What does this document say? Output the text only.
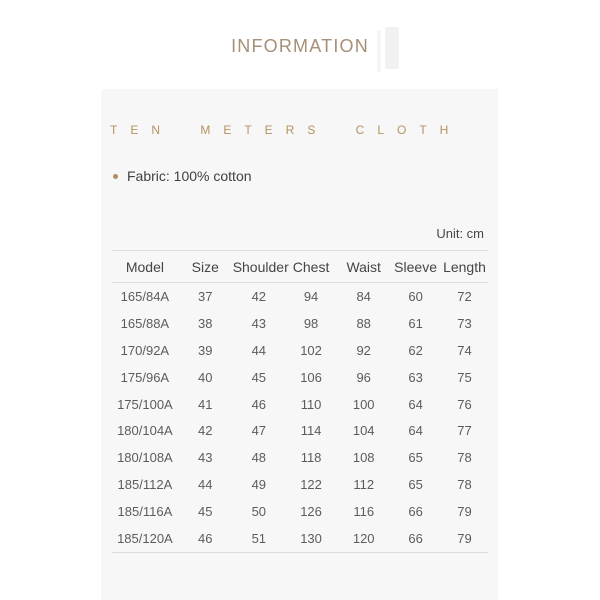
INFORMATION
TEN METERS CLOTH
Fabric: 100% cotton
Unit: cm
Model	Size	Shoulder	Chest	Waist	Sleeve	Length
165/84A	37	42	94	84	60	72
165/88A	38	43	98	88	61	73
170/92A	39	44	102	92	62	74
175/96A	40	45	106	96	63	75
175/100A	41	46	110	100	64	76
180/104A	42	47	114	104	64	77
180/108A	43	48	118	108	65	78
185/112A	44	49	122	112	65	78
185/116A	45	50	126	116	66	79
185/120A	46	51	130	120	66	79
